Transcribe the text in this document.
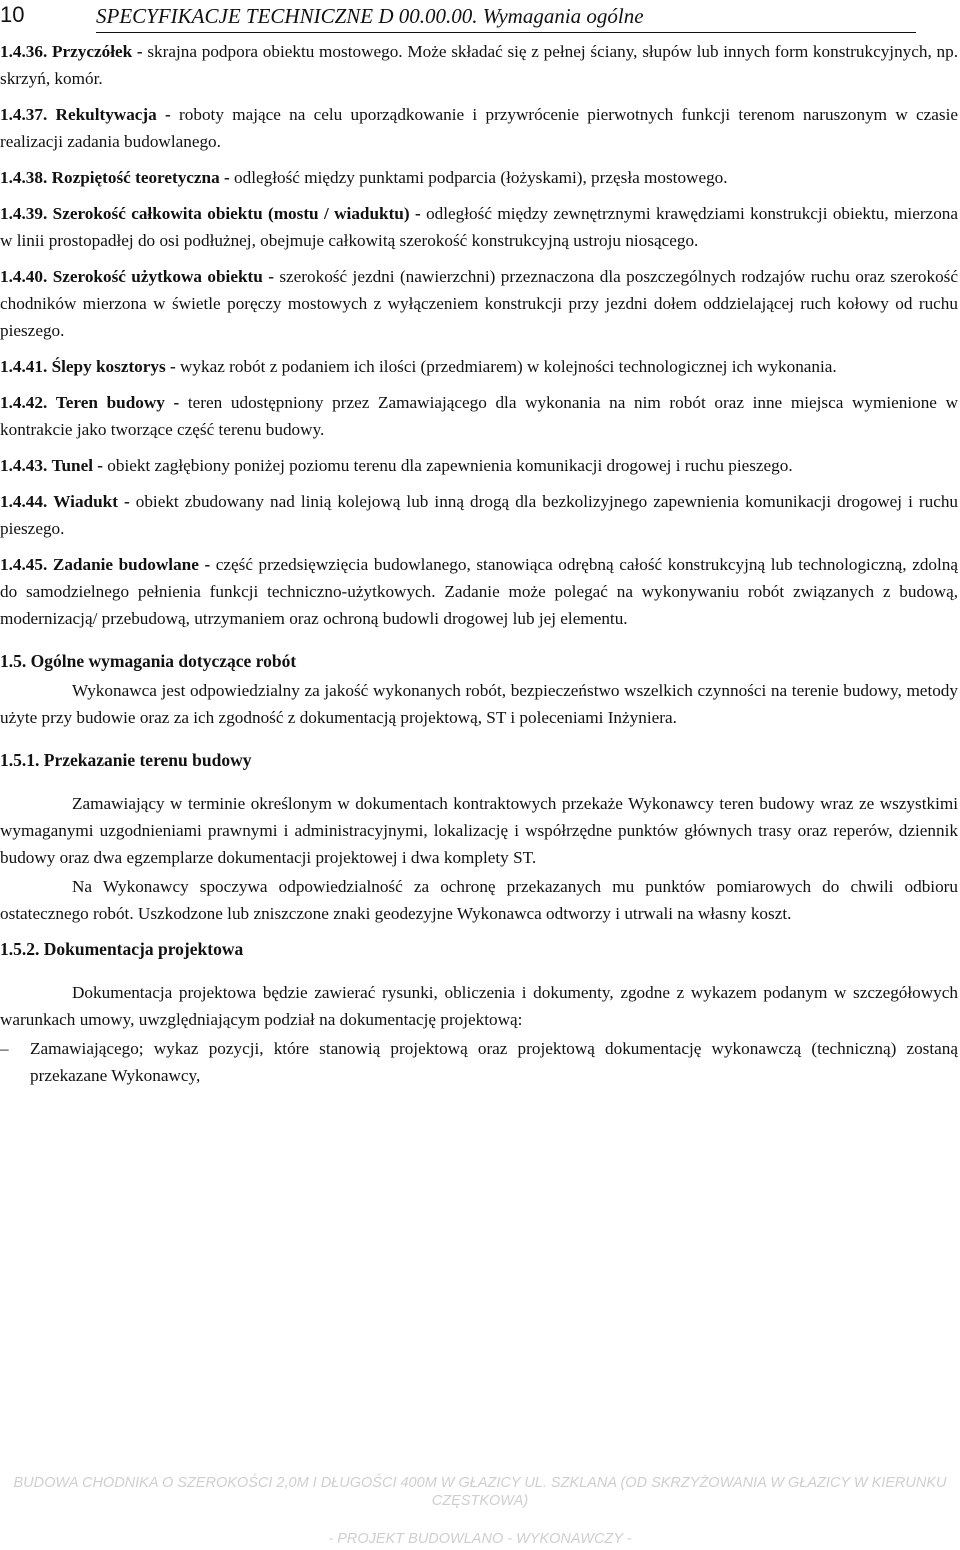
10	SPECYFIKACJE TECHNICZNE D 00.00.00. Wymagania ogólne

1.4.36. Przyczółek - skrajna podpora obiektu mostowego. Może składać się z pełnej ściany, słupów lub innych form konstrukcyjnych, np. skrzyń, komór.

1.4.37. Rekultywacja - roboty mające na celu uporządkowanie i przywrócenie pierwotnych funkcji terenom naruszonym w czasie realizacji zadania budowlanego.

1.4.38. Rozpiętość teoretyczna - odległość między punktami podparcia (łożyskami), przęsła mostowego.

1.4.39. Szerokość całkowita obiektu (mostu / wiaduktu) - odległość między zewnętrznymi krawędziami konstrukcji obiektu, mierzona w linii prostopadłej do osi podłużnej, obejmuje całkowitą szerokość konstrukcyjną ustroju niosącego.

1.4.40. Szerokość użytkowa obiektu - szerokość jezdni (nawierzchni) przeznaczona dla poszczególnych rodzajów ruchu oraz szerokość chodników mierzona w świetle poręczy mostowych z wyłączeniem konstrukcji przy jezdni dołem oddzielającej ruch kołowy od ruchu pieszego.

1.4.41. Ślepy kosztorys - wykaz robót z podaniem ich ilości (przedmiarem) w kolejności technologicznej ich wykonania.

1.4.42. Teren budowy - teren udostępniony przez Zamawiającego dla wykonania na nim robót oraz inne miejsca wymienione w kontrakcie jako tworzące część terenu budowy.

1.4.43. Tunel - obiekt zagłębiony poniżej poziomu terenu dla zapewnienia komunikacji drogowej i ruchu pieszego.

1.4.44. Wiadukt - obiekt zbudowany nad linią kolejową lub inną drogą dla bezkolizyjnego zapewnienia komunikacji drogowej i ruchu pieszego.

1.4.45. Zadanie budowlane - część przedsięwzięcia budowlanego, stanowiąca odrębną całość konstrukcyjną lub technologiczną, zdolną do samodzielnego pełnienia funkcji techniczno-użytkowych. Zadanie może polegać na wykonywaniu robót związanych z budową, modernizacją/ przebudową, utrzymaniem oraz ochroną budowli drogowej lub jej elementu.

1.5. Ogólne wymagania dotyczące robót

Wykonawca jest odpowiedzialny za jakość wykonanych robót, bezpieczeństwo wszelkich czynności na terenie budowy, metody użyte przy budowie oraz za ich zgodność z dokumentacją projektową, ST i poleceniami Inżyniera.

1.5.1. Przekazanie terenu budowy

Zamawiający w terminie określonym w dokumentach kontraktowych przekaże Wykonawcy teren budowy wraz ze wszystkimi wymaganymi uzgodnieniami prawnymi i administracyjnymi, lokalizację i współrzędne punktów głównych trasy oraz reperów, dziennik budowy oraz dwa egzemplarze dokumentacji projektowej i dwa komplety ST.

Na Wykonawcy spoczywa odpowiedzialność za ochronę przekazanych mu punktów pomiarowych do chwili odbioru ostatecznego robót. Uszkodzone lub zniszczone znaki geodezyjne Wykonawca odtworzy i utrwali na własny koszt.

1.5.2. Dokumentacja projektowa

Dokumentacja projektowa będzie zawierać rysunki, obliczenia i dokumenty, zgodne z wykazem podanym w szczegółowych warunkach umowy, uwzględniającym podział na dokumentację projektową:

–	Zamawiającego; wykaz pozycji, które stanowią projektową oraz projektową dokumentację wykonawczą (techniczną) zostaną przekazane Wykonawcy,
BUDOWA CHODNIKA O SZEROKOŚCI 2,0M I DŁUGOŚCI 400M W GŁAZICY UL. SZKLANA (OD SKRZYŻOWANIA W GŁAZICY W KIERUNKU CZĘSTKOWA)
- PROJEKT BUDOWLANO - WYKONAWCZY -
